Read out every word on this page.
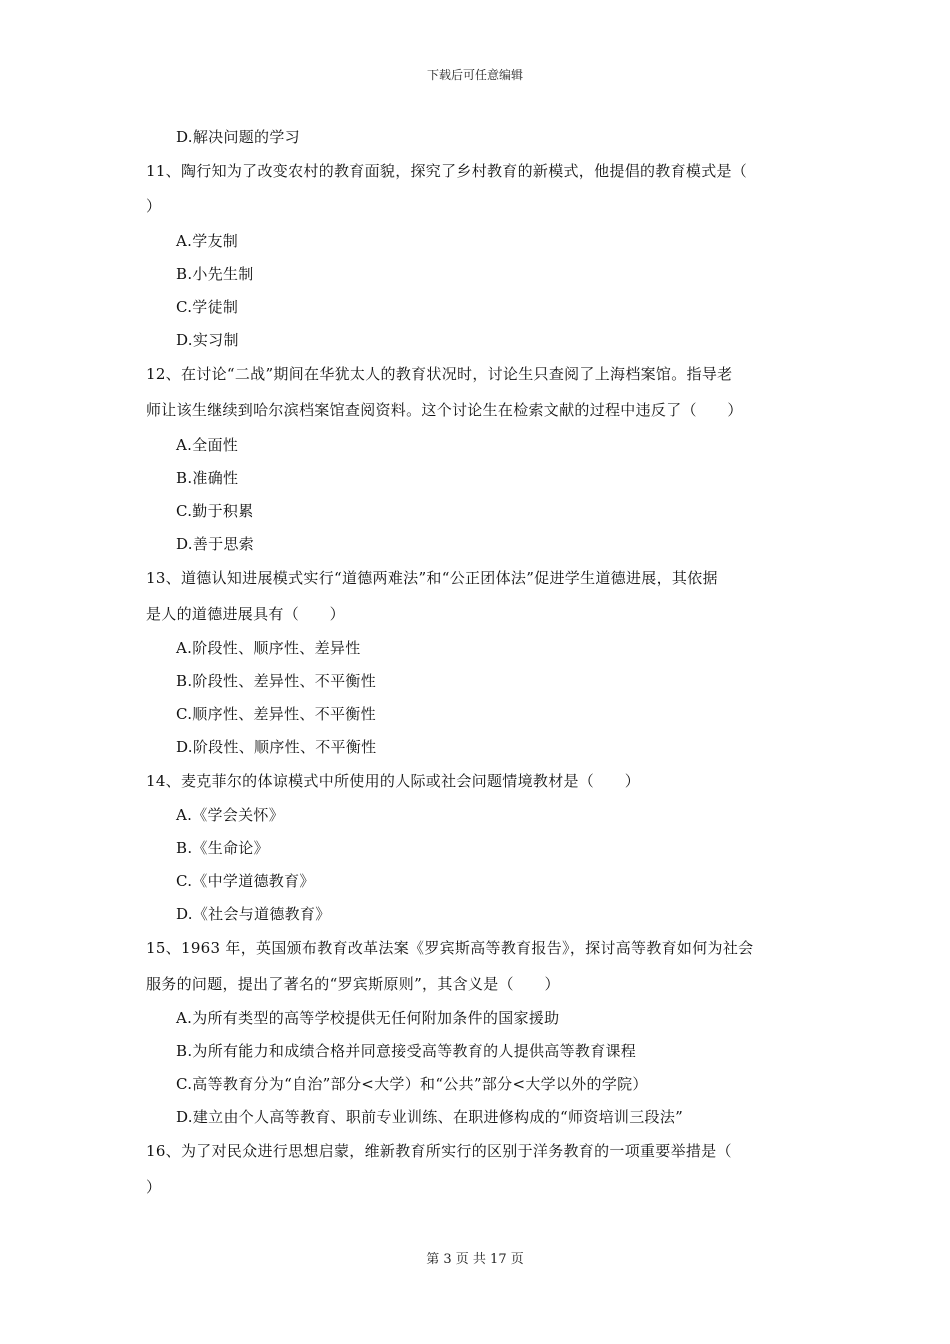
下载后可任意编辑
D.解决问题的学习
11、陶行知为了改变农村的教育面貌，探究了乡村教育的新模式，他提倡的教育模式是（
）
A.学友制
B.小先生制
C.学徒制
D.实习制
12、在讨论“二战”期间在华犹太人的教育状况时，讨论生只查阅了上海档案馆。指导老
师让该生继续到哈尔滨档案馆查阅资料。这个讨论生在检索文献的过程中违反了（　　）
A.全面性
B.准确性
C.勤于积累
D.善于思索
13、道德认知进展模式实行“道德两难法”和“公正团体法”促进学生道德进展，其依据
是人的道德进展具有（　　）
A.阶段性、顺序性、差异性
B.阶段性、差异性、不平衡性
C.顺序性、差异性、不平衡性
D.阶段性、顺序性、不平衡性
14、麦克菲尔的体谅模式中所使用的人际或社会问题情境教材是（　　）
A.《学会关怀》
B.《生命论》
C.《中学道德教育》
D.《社会与道德教育》
15、1963 年，英国颁布教育改革法案《罗宾斯高等教育报告》，探讨高等教育如何为社会
服务的问题，提出了著名的“罗宾斯原则”，其含义是（　　）
A.为所有类型的高等学校提供无任何附加条件的国家援助
B.为所有能力和成绩合格并同意接受高等教育的人提供高等教育课程
C.高等教育分为“自治”部分<大学）和“公共”部分<大学以外的学院）
D.建立由个人高等教育、职前专业训练、在职进修构成的“师资培训三段法”
16、为了对民众进行思想启蒙，维新教育所实行的区别于洋务教育的一项重要举措是（
）
第 3 页 共 17 页
